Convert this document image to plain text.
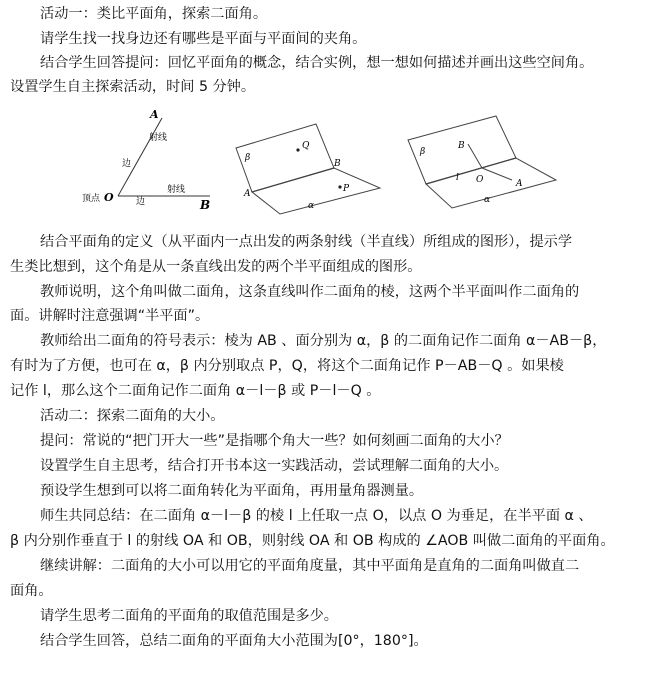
活动一：类比平面角，探索二面角。
请学生找一找身边还有哪些是平面与平面间的夹角。
结合学生回答提问：回忆平面角的概念，结合实例，想一想如何描述并画出这些空间角。
设置学生自主探索活动，时间 5 分钟。
A
射线
边
顶点 O 边
射线
B
β
Q
B
A	P
α
β
B
l O	A
α
结合平面角的定义（从平面内一点出发的两条射线（半直线）所组成的图形），提示学
生类比想到，这个角是从一条直线出发的两个半平面组成的图形。
教师说明，这个角叫做二面角，这条直线叫作二面角的棱，这两个半平面叫作二面角的
面。讲解时注意强调“半平面”。
教师给出二面角的符号表示：棱为 AB 、面分别为 α，β 的二面角记作二面角 α－AB－β，
有时为了方便，也可在 α，β 内分别取点 P，Q，将这个二面角记作 P－AB－Q 。如果棱
记作 l，那么这个二面角记作二面角 α－l－β 或 P－l－Q 。
活动二：探索二面角的大小。
提问：常说的“把门开大一些”是指哪个角大一些？如何刻画二面角的大小？
设置学生自主思考，结合打开书本这一实践活动，尝试理解二面角的大小。
预设学生想到可以将二面角转化为平面角，再用量角器测量。
师生共同总结：在二面角 α－l－β 的棱 l 上任取一点 O，以点 O 为垂足，在半平面 α 、
β 内分别作垂直于 l 的射线 OA 和 OB，则射线 OA 和 OB 构成的 ∠AOB 叫做二面角的平面角。
继续讲解：二面角的大小可以用它的平面角度量，其中平面角是直角的二面角叫做直二
面角。
请学生思考二面角的平面角的取值范围是多少。
结合学生回答，总结二面角的平面角大小范围为[0°，180°]。
